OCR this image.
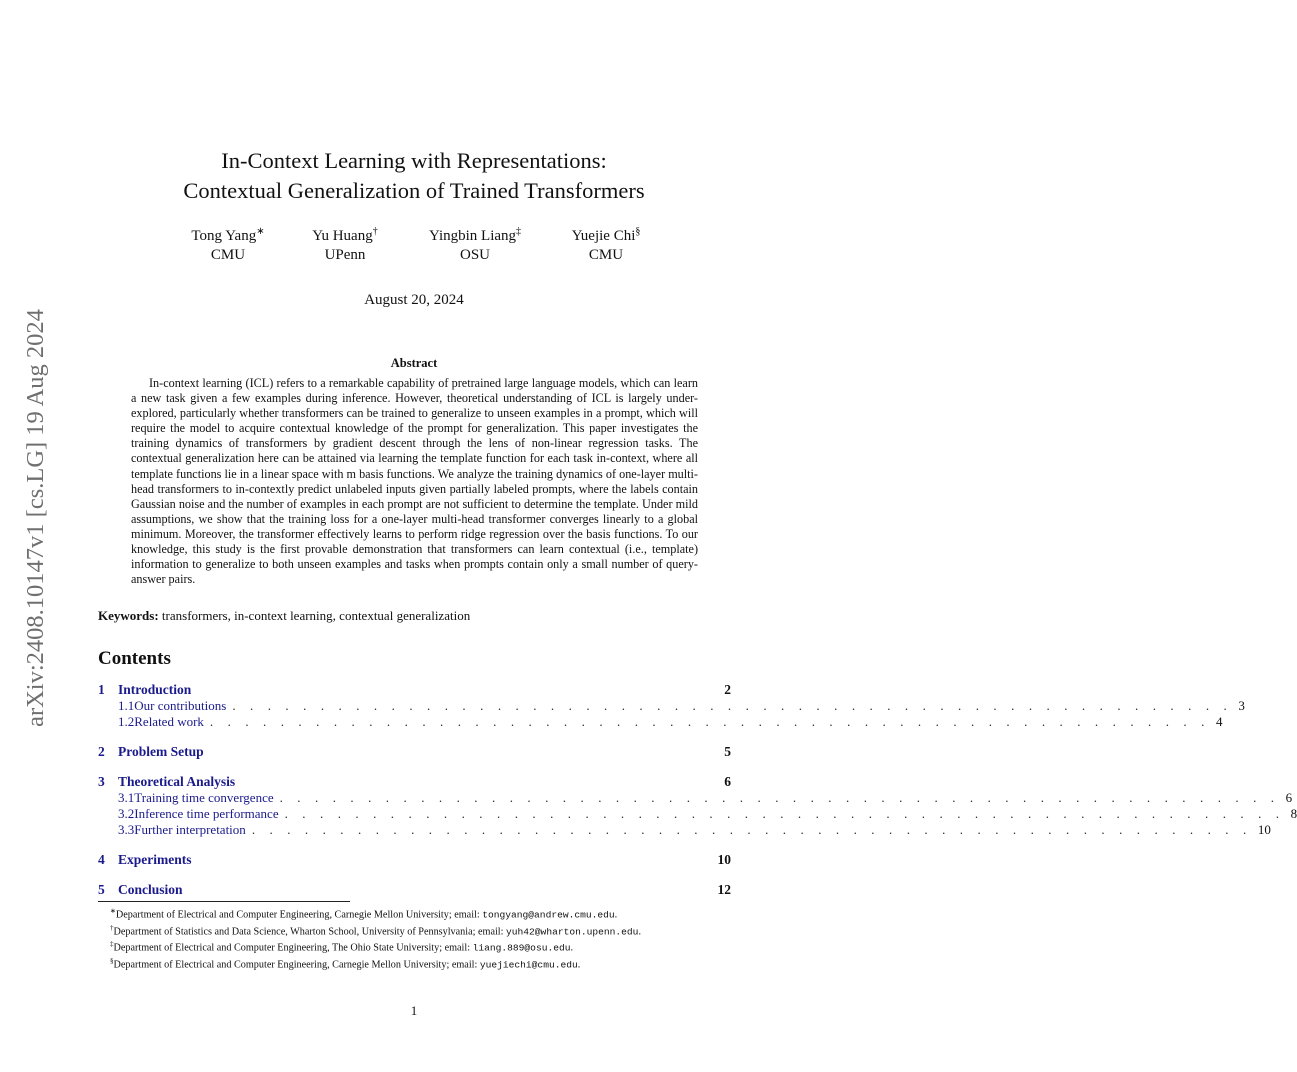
arXiv:2408.10147v1 [cs.LG] 19 Aug 2024
In-Context Learning with Representations:
Contextual Generalization of Trained Transformers
Tong Yang∗
CMU
Yu Huang†
UPenn
Yingbin Liang‡
OSU
Yuejie Chi§
CMU
August 20, 2024
Abstract

In-context learning (ICL) refers to a remarkable capability of pretrained large language models, which can learn a new task given a few examples during inference. However, theoretical understanding of ICL is largely under-explored, particularly whether transformers can be trained to generalize to unseen examples in a prompt, which will require the model to acquire contextual knowledge of the prompt for generalization. This paper investigates the training dynamics of transformers by gradient descent through the lens of non-linear regression tasks. The contextual generalization here can be attained via learning the template function for each task in-context, where all template functions lie in a linear space with m basis functions. We analyze the training dynamics of one-layer multi-head transformers to in-contextly predict unlabeled inputs given partially labeled prompts, where the labels contain Gaussian noise and the number of examples in each prompt are not sufficient to determine the template. Under mild assumptions, we show that the training loss for a one-layer multi-head transformer converges linearly to a global minimum. Moreover, the transformer effectively learns to perform ridge regression over the basis functions. To our knowledge, this study is the first provable demonstration that transformers can learn contextual (i.e., template) information to generalize to both unseen examples and tasks when prompts contain only a small number of query-answer pairs.

Keywords: transformers, in-context learning, contextual generalization

Contents
1 Introduction	2
1.1 Our contributions . . . . . . . . . . . . . . . . . . . . . . . . . . . . . . . . . . . . . . . . . . . . . . . . . . . . . . . . . 3
1.2 Related work . . . . . . . . . . . . . . . . . . . . . . . . . . . . . . . . . . . . . . . . . . . . . . . . . . . . . . . . . 4
2 Problem Setup	5
3 Theoretical Analysis	6
3.1 Training time convergence . . . . . . . . . . . . . . . . . . . . . . . . . . . . . . . . . . . . . . . . . . . . . . . . . . . . . . . . . 6
3.2 Inference time performance . . . . . . . . . . . . . . . . . . . . . . . . . . . . . . . . . . . . . . . . . . . . . . . . . . . . . . . . . 8
3.3 Further interpretation . . . . . . . . . . . . . . . . . . . . . . . . . . . . . . . . . . . . . . . . . . . . . . . . . . . . . . . . . 10
4 Experiments	10
5 Conclusion	12
∗Department of Electrical and Computer Engineering, Carnegie Mellon University; email: tongyang@andrew.cmu.edu.
†Department of Statistics and Data Science, Wharton School, University of Pennsylvania; email: yuh42@wharton.upenn.edu.
‡Department of Electrical and Computer Engineering, The Ohio State University; email: liang.889@osu.edu.
§Department of Electrical and Computer Engineering, Carnegie Mellon University; email: yuejiechi@cmu.edu.
1
